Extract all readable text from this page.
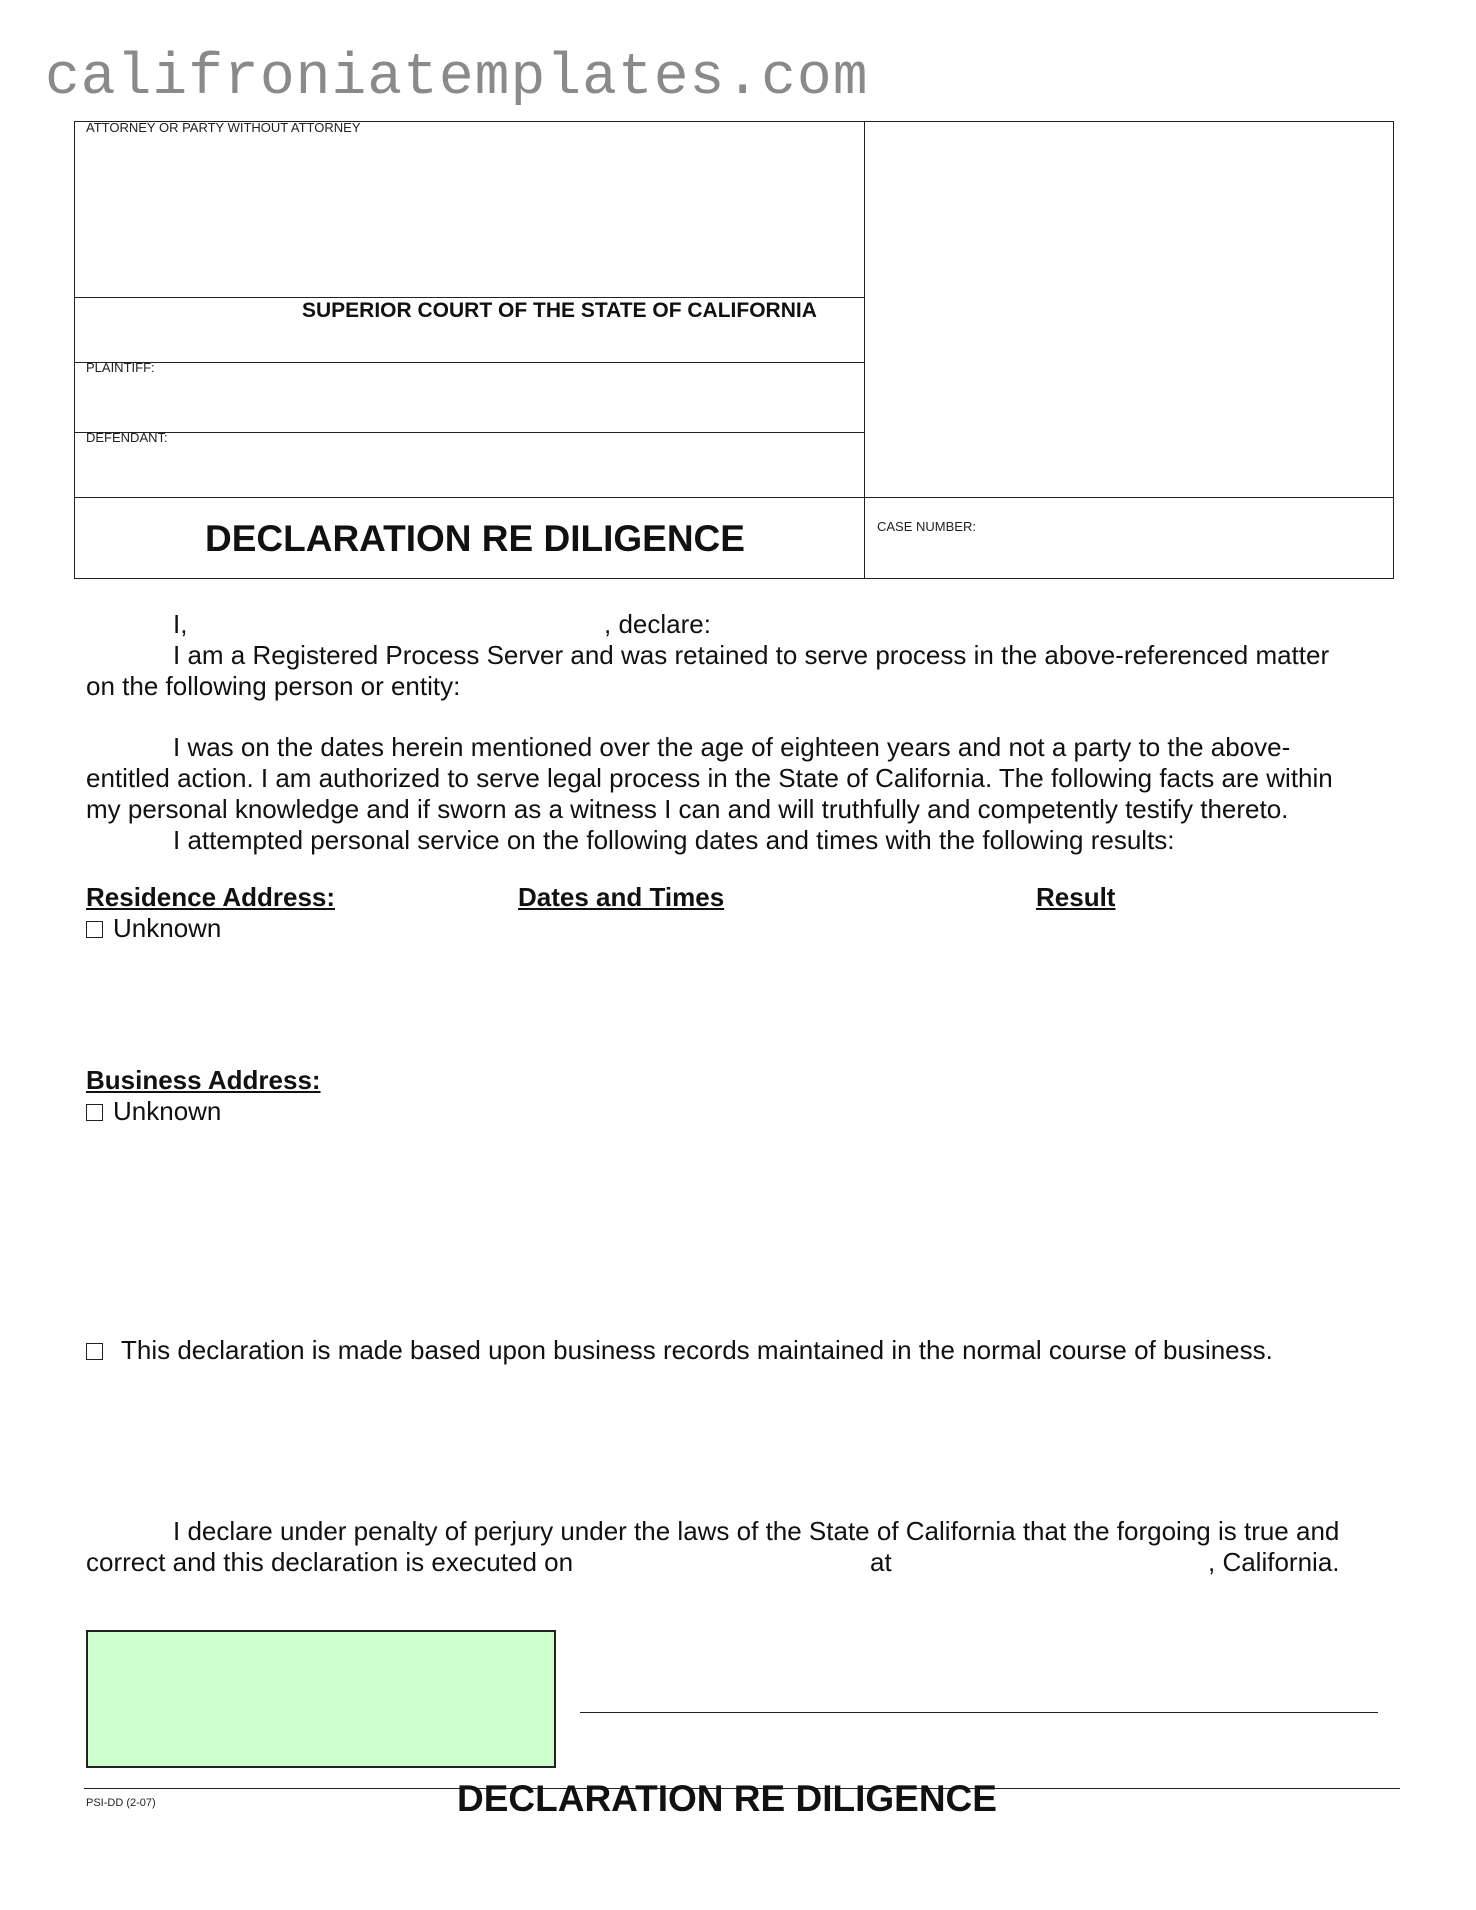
califroniatemplates.com
ATTORNEY OR PARTY WITHOUT ATTORNEY
SUPERIOR COURT OF THE STATE OF CALIFORNIA
PLAINTIFF:
DEFENDANT:
DECLARATION RE DILIGENCE	CASE NUMBER:
I,	, declare:
I am a Registered Process Server and was retained to serve process in the above-referenced matter
on the following person or entity:
I was on the dates herein mentioned over the age of eighteen years and not a party to the above-
entitled action. I am authorized to serve legal process in the State of California. The following facts are within
my personal knowledge and if sworn as a witness I can and will truthfully and competently testify thereto.
I attempted personal service on the following dates and times with the following results:
Residence Address:	Dates and Times	Result
Unknown
Business Address:
Unknown
This declaration is made based upon business records maintained in the normal course of business.
I declare under penalty of perjury under the laws of the State of California that the forgoing is true and
correct and this declaration is executed on	at	, California.
PSI-DD (2-07)	DECLARATION RE DILIGENCE
